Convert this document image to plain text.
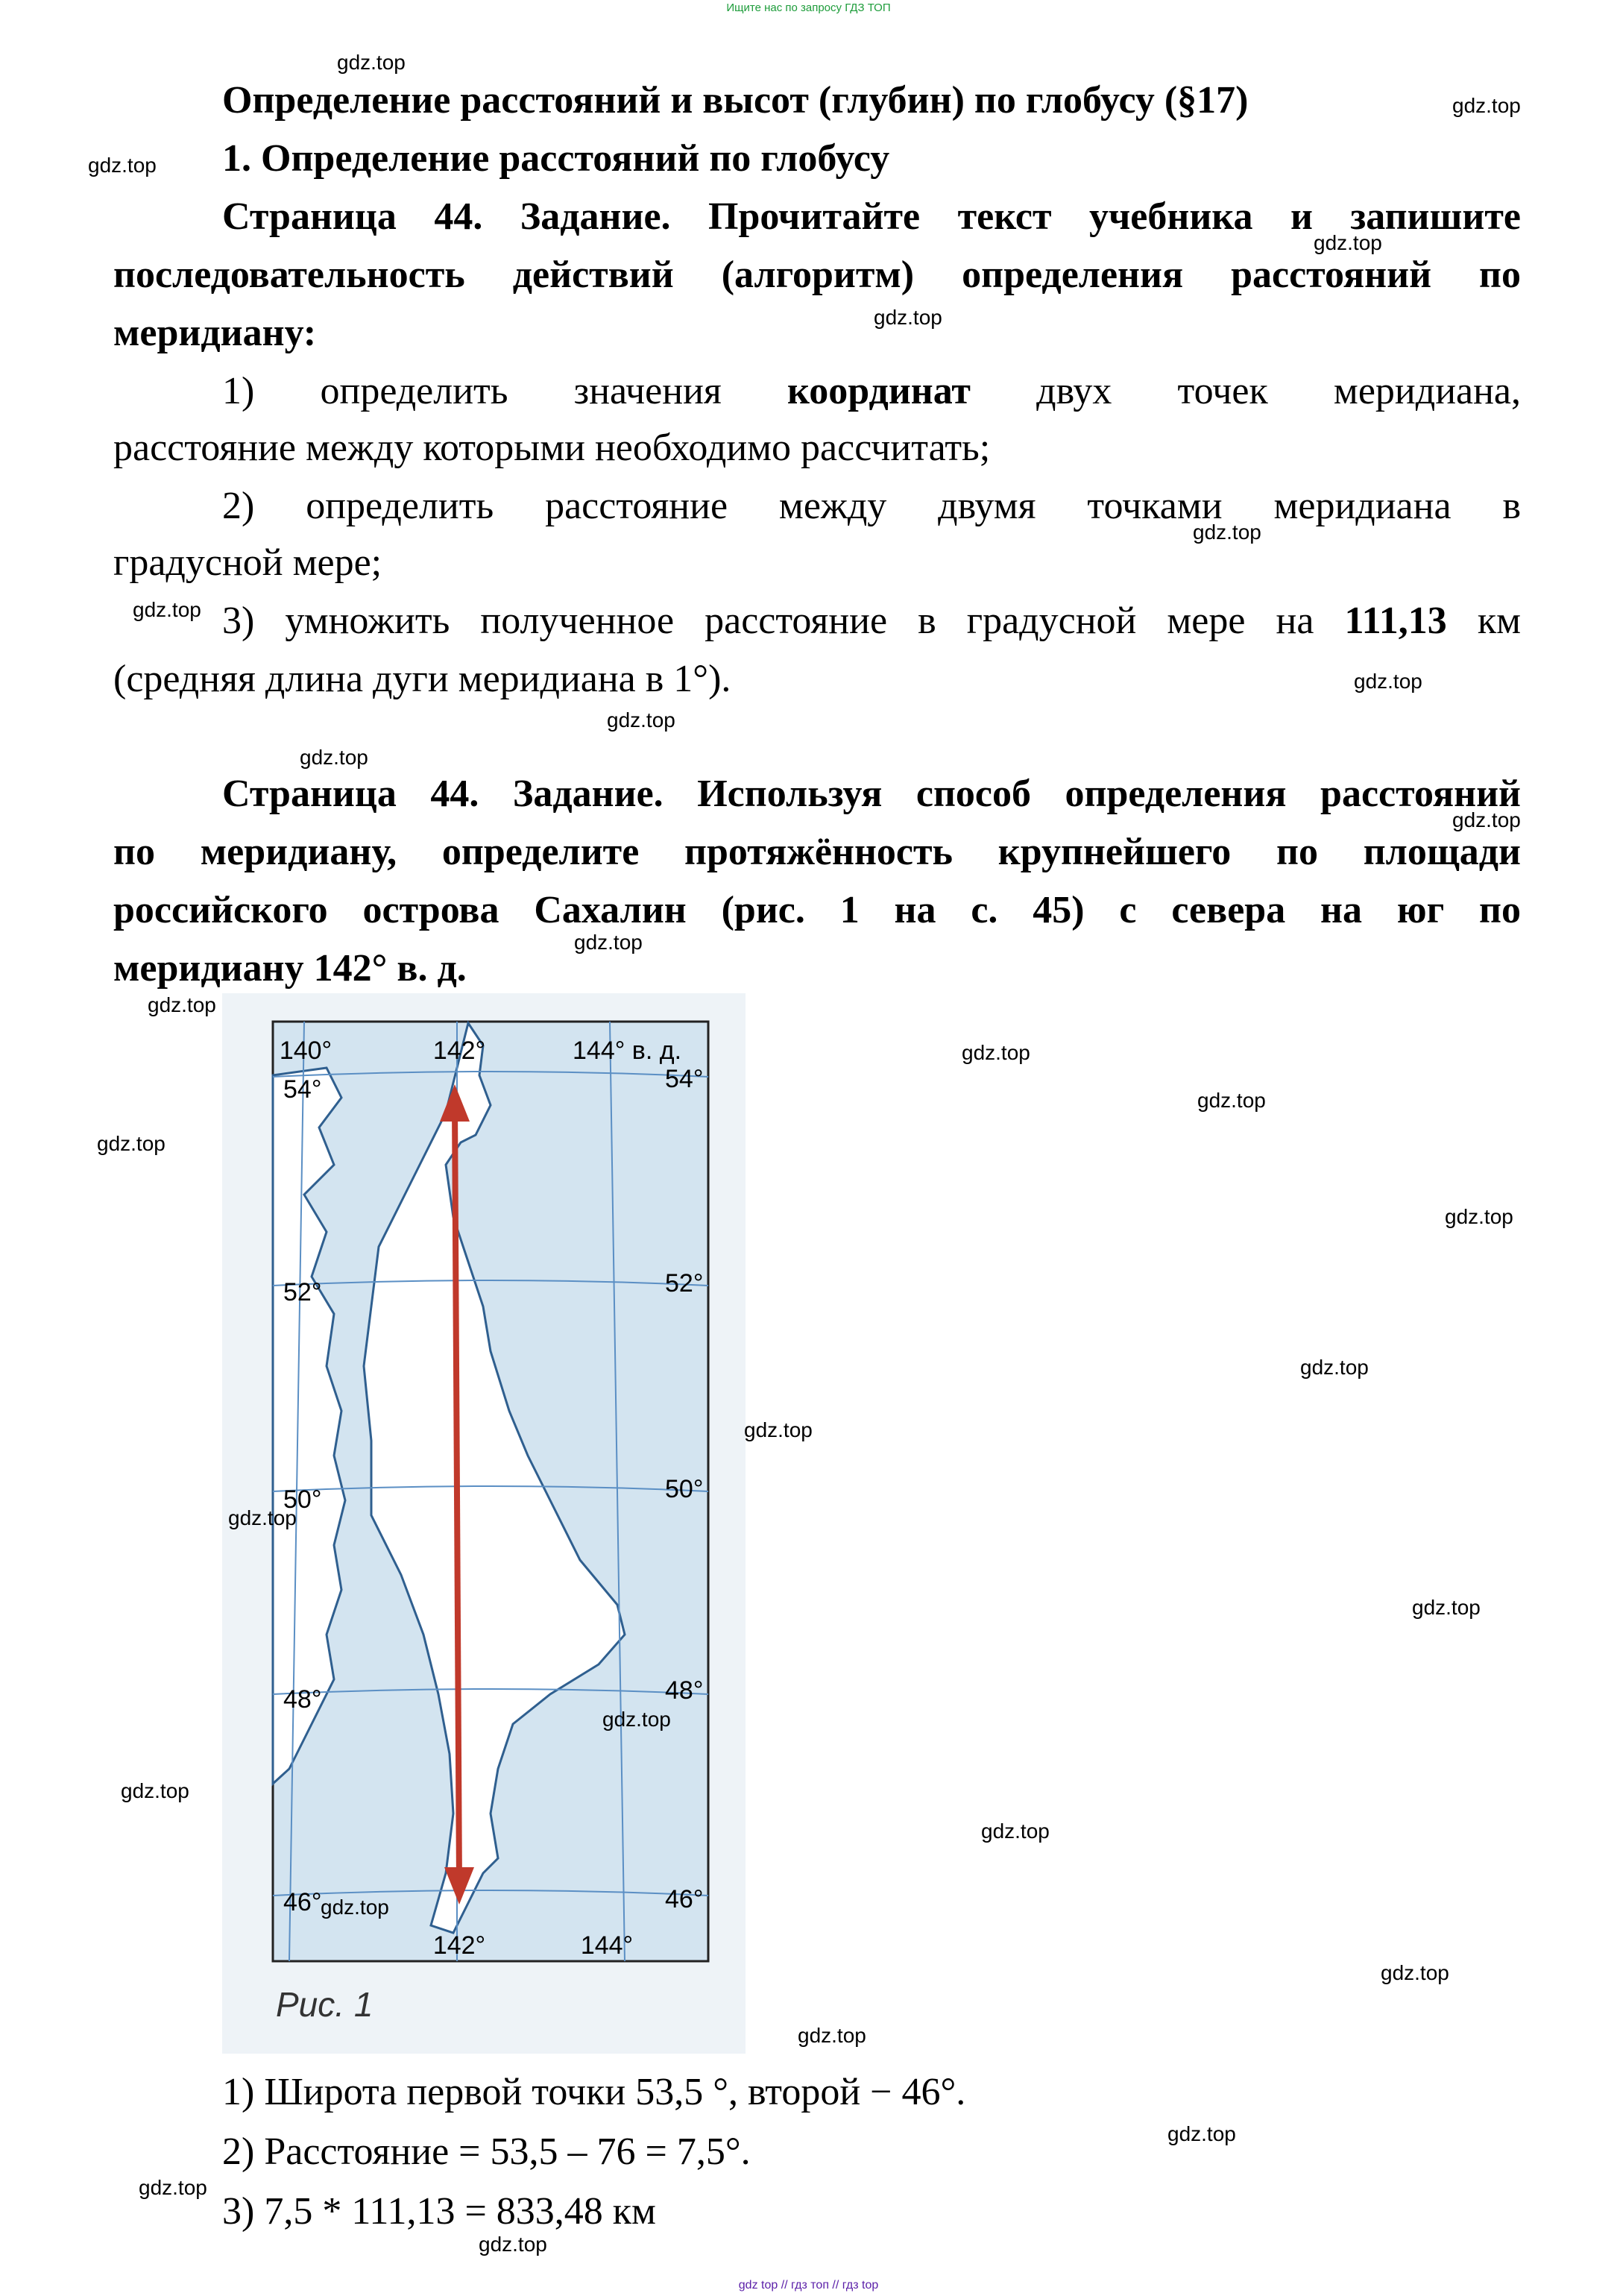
Ищите нас по запросу ГДЗ ТОП
Определение расстояний и высот (глубин) по глобусу (§17)
1. Определение расстояний по глобусу
Страница 44. Задание. Прочитайте текст учебника и запишите
последовательность действий (алгоритм) определения расстояний по
меридиану:
1) определить значения координат двух точек меридиана,
расстояние между которыми необходимо рассчитать;
2) определить расстояние между двумя точками меридиана в
градусной мере;
3) умножить полученное расстояние в градусной мере на 111,13 км
(средняя длина дуги меридиана в 1°).
Страница 44. Задание. Используя способ определения расстояний
по меридиану, определите протяжённость крупнейшего по площади
российского острова Сахалин (рис. 1 на с. 45) с севера на юг по
меридиану 142° в. д.
140°	142°	144° в. д.
54°	54°
52°	52°
50°	50°
48°	48°
46°	46°
142°	144°
Рис. 1
1) Широта первой точки 53,5 °, второй − 46°.
2) Расстояние = 53,5 – 76 = 7,5°.
3) 7,5 * 111,13 = 833,48 км
gdz.top
gdz.top
gdz.top
gdz.top
gdz.top
gdz.top
gdz.top
gdz.top
gdz.top
gdz.top
gdz.top
gdz.top
gdz.top
gdz.top
gdz.top
gdz.top
gdz.top
gdz.top
gdz.top
gdz.top
gdz.top
gdz.top
gdz.top
gdz.top
gdz.top
gdz.top
gdz.top
gdz.top
gdz.top
gdz.top
gdz top // гдз топ // гдз top
